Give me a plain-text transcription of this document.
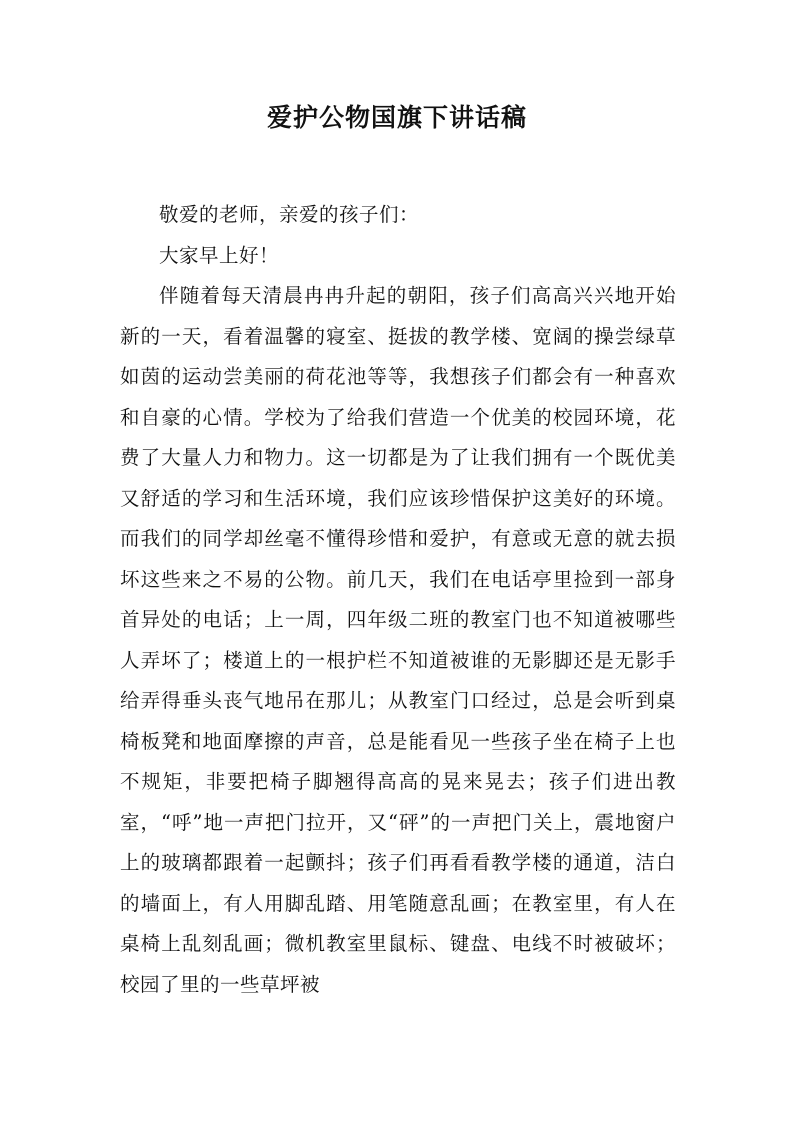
爱护公物国旗下讲话稿

敬爱的老师，亲爱的孩子们：

大家早上好！

伴随着每天清晨冉冉升起的朝阳，孩子们高高兴兴地开始新的一天，看着温馨的寝室、挺拔的教学楼、宽阔的操尝绿草如茵的运动尝美丽的荷花池等等，我想孩子们都会有一种喜欢和自豪的心情。学校为了给我们营造一个优美的校园环境，花费了大量人力和物力。这一切都是为了让我们拥有一个既优美又舒适的学习和生活环境，我们应该珍惜保护这美好的环境。而我们的同学却丝毫不懂得珍惜和爱护，有意或无意的就去损坏这些来之不易的公物。前几天，我们在电话亭里捡到一部身首异处的电话；上一周，四年级二班的教室门也不知道被哪些人弄坏了；楼道上的一根护栏不知道被谁的无影脚还是无影手给弄得垂头丧气地吊在那儿；从教室门口经过，总是会听到桌椅板凳和地面摩擦的声音，总是能看见一些孩子坐在椅子上也不规矩，非要把椅子脚翘得高高的晃来晃去；孩子们进出教室，“呼”地一声把门拉开，又“砰”的一声把门关上，震地窗户上的玻璃都跟着一起颤抖；孩子们再看看教学楼的通道，洁白的墙面上，有人用脚乱踏、用笔随意乱画；在教室里，有人在桌椅上乱刻乱画；微机教室里鼠标、键盘、电线不时被破坏；校园了里的一些草坪被
